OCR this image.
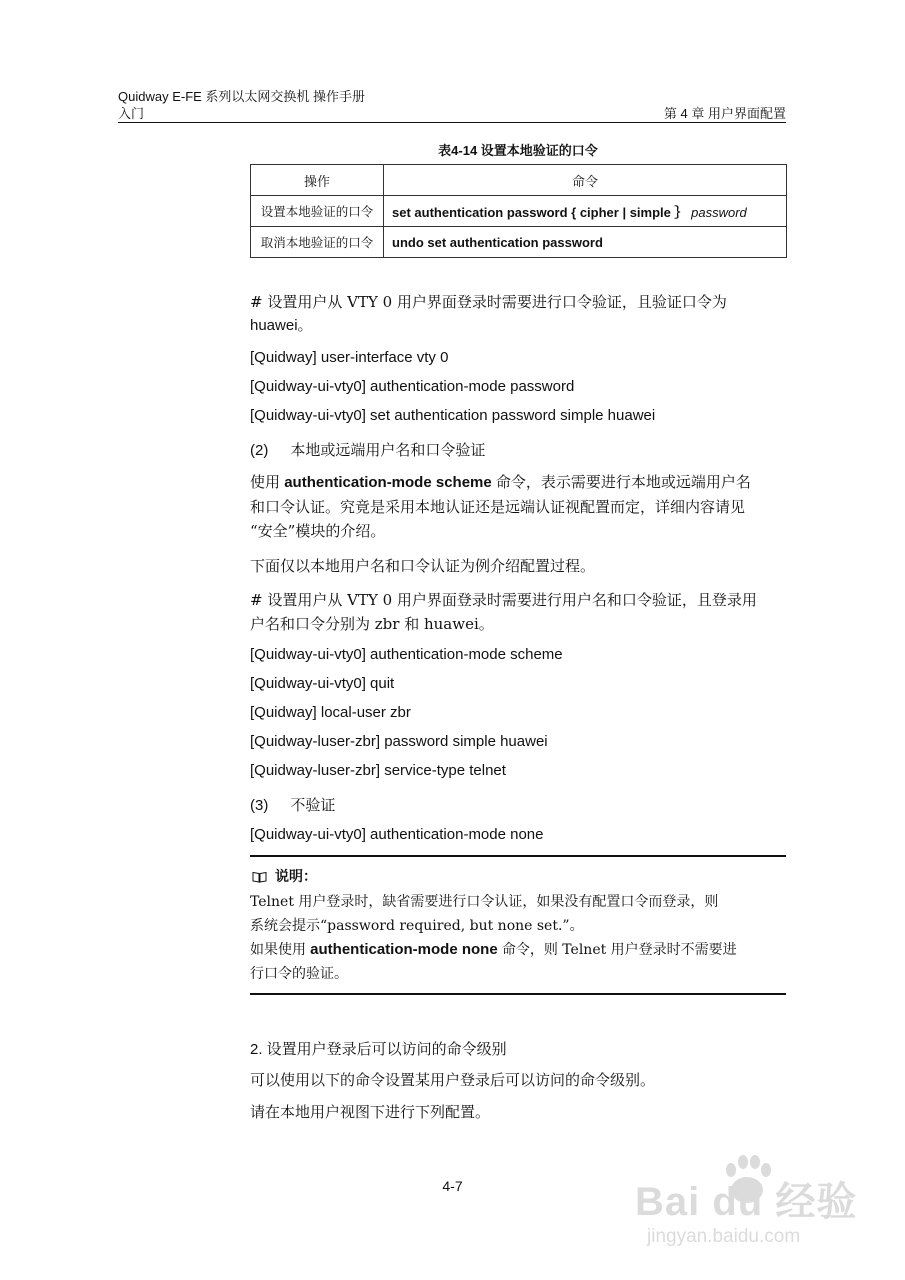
Quidway E-FE 系列以太网交换机 操作手册
入门	第 4 章 用户界面配置
表4-14 设置本地验证的口令
操作	命令
设置本地验证的口令	set authentication password { cipher | simple ｝ password
取消本地验证的口令	undo set authentication password
# 设置用户从 VTY 0 用户界面登录时需要进行口令验证，且验证口令为
huawei。
[Quidway] user-interface vty 0
[Quidway-ui-vty0] authentication-mode password
[Quidway-ui-vty0] set authentication password simple huawei
(2) 本地或远端用户名和口令验证
使用 authentication-mode scheme 命令，表示需要进行本地或远端用户名
和口令认证。究竟是采用本地认证还是远端认证视配置而定，详细内容请见
“安全”模块的介绍。
下面仅以本地用户名和口令认证为例介绍配置过程。
# 设置用户从 VTY 0 用户界面登录时需要进行用户名和口令验证，且登录用
户名和口令分别为 zbr 和 huawei。
[Quidway-ui-vty0] authentication-mode scheme
[Quidway-ui-vty0] quit
[Quidway] local-user zbr
[Quidway-luser-zbr] password simple huawei
[Quidway-luser-zbr] service-type telnet
(3) 不验证
[Quidway-ui-vty0] authentication-mode none
说明：
Telnet 用户登录时，缺省需要进行口令认证，如果没有配置口令而登录，则
系统会提示“password required, but none set.”。
如果使用 authentication-mode none 命令，则 Telnet 用户登录时不需要进
行口令的验证。
2. 设置用户登录后可以访问的命令级别
可以使用以下的命令设置某用户登录后可以访问的命令级别。
请在本地用户视图下进行下列配置。
4-7	Bai du 经验
jingyan.baidu.com
